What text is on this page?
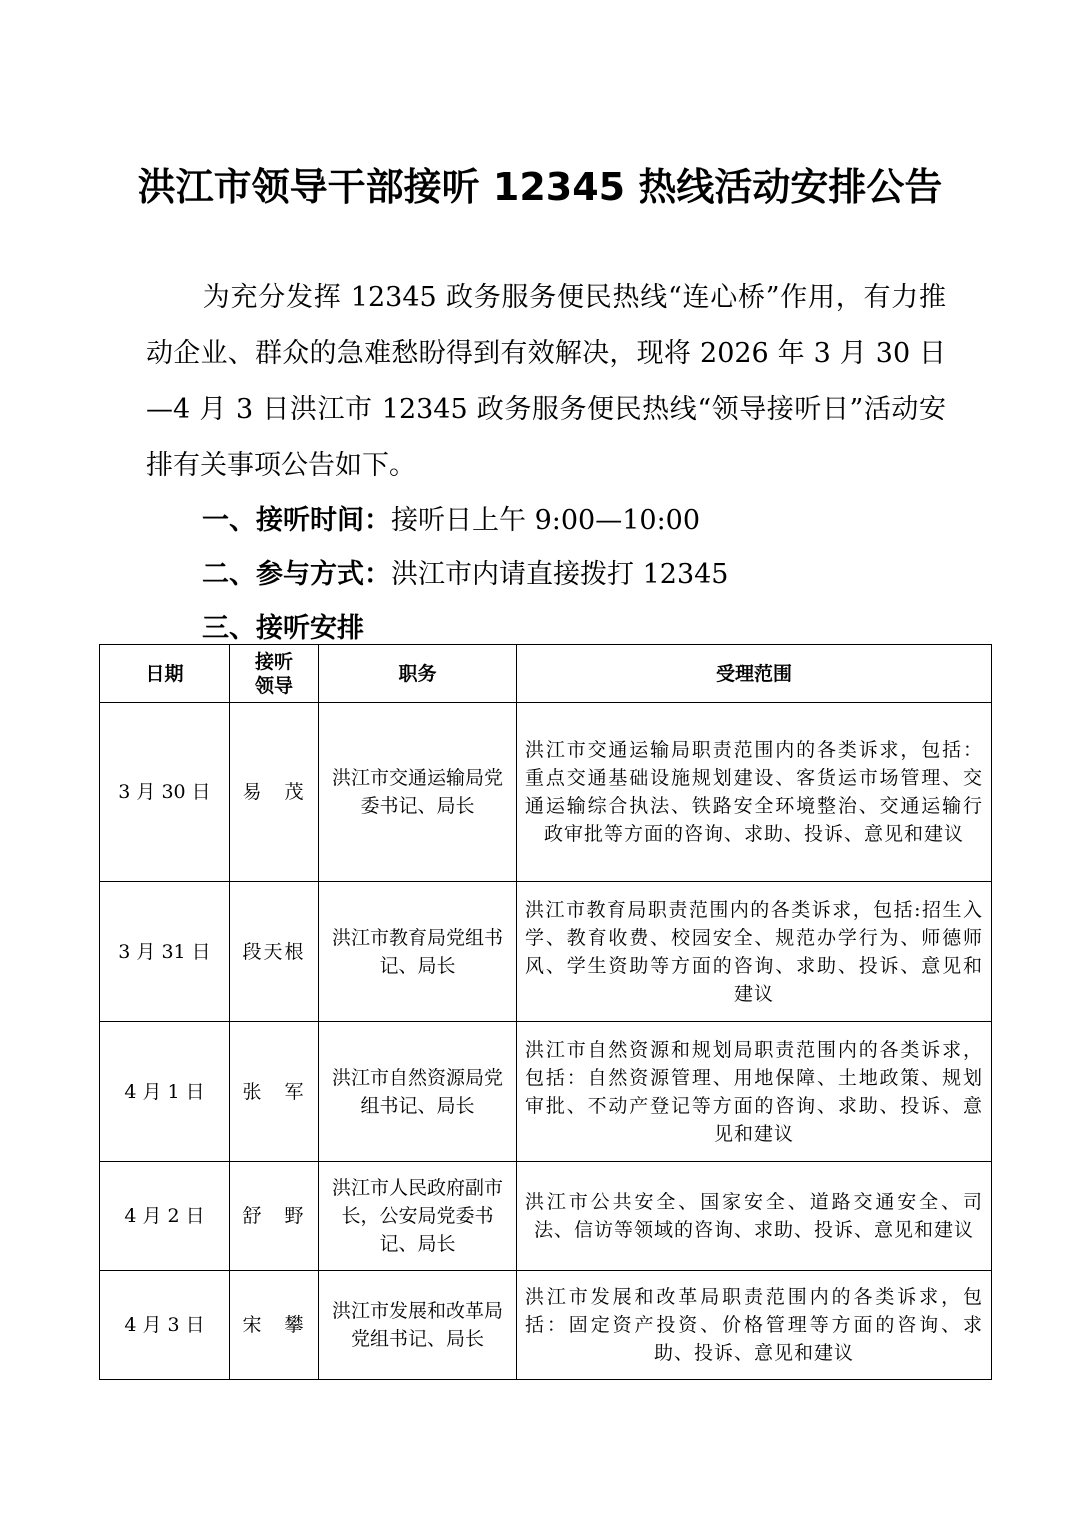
洪江市领导干部接听 12345 热线活动安排公告
为充分发挥 12345 政务服务便民热线“连心桥”作用，有力推动企业、群众的急难愁盼得到有效解决，现将 2026 年 3 月 30 日—4 月 3 日洪江市 12345 政务服务便民热线“领导接听日”活动安排有关事项公告如下。
一、接听时间：接听日上午 9:00—10:00
二、参与方式：洪江市内请直接拨打 12345
三、接听安排
日期	接听领导	职务	受理范围
3 月 30 日	易　茂	洪江市交通运输局党委书记、局长	洪江市交通运输局职责范围内的各类诉求，包括：重点交通基础设施规划建设、客货运市场管理、交通运输综合执法、铁路安全环境整治、交通运输行政审批等方面的咨询、求助、投诉、意见和建议
3 月 31 日	段天根	洪江市教育局党组书记、局长	洪江市教育局职责范围内的各类诉求，包括:招生入学、教育收费、校园安全、规范办学行为、师德师风、学生资助等方面的咨询、求助、投诉、意见和建议
4 月 1 日	张　军	洪江市自然资源局党组书记、局长	洪江市自然资源和规划局职责范围内的各类诉求，包括：自然资源管理、用地保障、土地政策、规划审批、不动产登记等方面的咨询、求助、投诉、意见和建议
4 月 2 日	舒　野	洪江市人民政府副市长，公安局党委书记、局长	洪江市公共安全、国家安全、道路交通安全、司法、信访等领域的咨询、求助、投诉、意见和建议
4 月 3 日	宋　攀	洪江市发展和改革局党组书记、局长	洪江市发展和改革局职责范围内的各类诉求，包括：固定资产投资、价格管理等方面的咨询、求助、投诉、意见和建议
